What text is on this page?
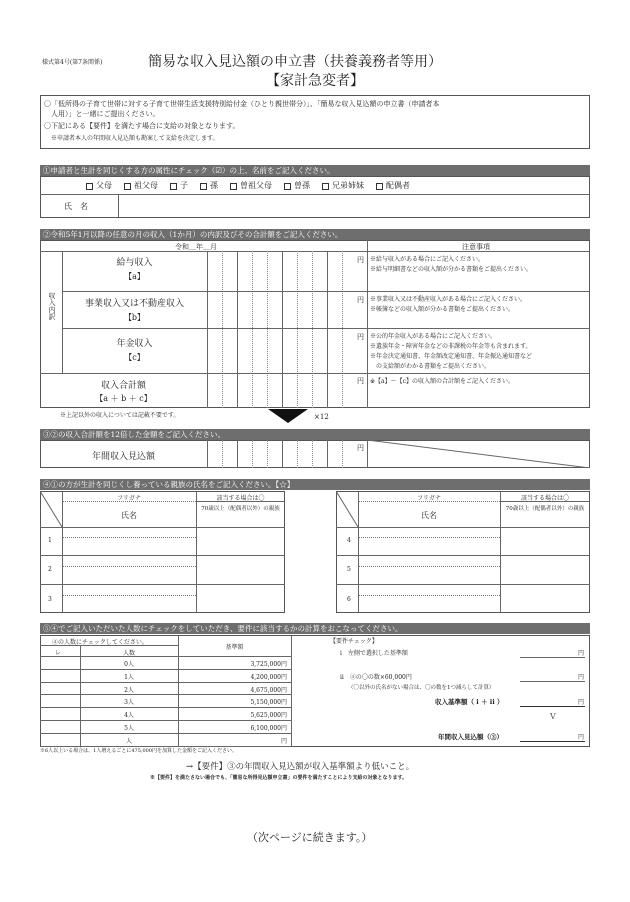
様式第4号(第7条関係)	簡易な収入見込額の申立書（扶養義務者等用）
【家計急変者】
〇「低所得の子育て世帯に対する子育て世帯生活支援特別給付金（ひとり親世帯分）」、「簡易な収入見込額の申立書（申請者本
　人用）」と一緒にご提出ください。
〇下記にある【要件】を満たす場合に支給の対象となります。
※申請者本人の年間収入見込額も勘案して支給を決定します。
①申請者と生計を同じくする方の属性にチェック（☑）の上、名前をご記入ください。
父母	祖父母	子	孫	曽祖父母	曽孫	兄弟姉妹	配偶者
氏　名
②令和5年1月以降の任意の月の収入（1か月）の内訳及びその合計額をご記入ください。
令和＿年＿月	注意事項
収入内訳
給与収入
【a】
円 ※給与収入がある場合にご記入ください。
※給与明細書などの収入額が分かる書類をご提出ください。
事業収入又は不動産収入
【b】
円 ※事業収入又は不動産収入がある場合にご記入ください。
※帳簿などの収入額が分かる書類をご提出ください。
年金収入
【c】
円 ※公的年金収入がある場合にご記入ください。
※遺族年金・障害年金などの非課税の年金等も含まれます。
※年金決定通知書、年金額改定通知書、年金振込通知書など
　の支給額がわかる書類をご提出ください。
収入合計額
【a ＋ b ＋ c】
円 ※【a】～【c】の収入額の合計額をご記入ください。
※上記以外の収入については記載不要です。	×12
③②の収入合計額を12倍した金額をご記入ください。
年間収入見込額
円
④①の方が生計を同じくし養っている親族の氏名をご記入ください。【☆】
フリガナ
氏名
該当する場合は〇
70歳以上（配偶者以外）の親族
1
2
3
フリガナ
氏名
該当する場合は〇
70歳以上（配偶者以外）の親族
4
5
6
⑤④でご記入いただいた人数にチェックをしていただき、要件に該当するかの計算をおこなってください。
④の人数にチェックしてください。
レ	人数
基準額
0人	3,725,000円
1人	4,200,000円
2人	4,675,000円
3人	5,150,000円
4人	5,625,000円
5人	6,100,000円
人	円
※6人以上いる場合は、1人増えるごとに475,000円を加算した金額をご記入ください。
【要件チェック】
i　左側で選択した基準額	円
ii　④の〇の数×60,000円
（〇以外の氏名がない場合は、〇の数を1つ減らして計算）
円
収入基準額（ i ＋ ii ）	円
V
年間収入見込額（③）	円
→【要件】③の年間収入見込額が収入基準額より低いこと。
※【要件】を満たさない場合でも、「簡易な所得見込額申立書」の要件を満たすことにより支給の対象となります。
（次ページに続きます。）
